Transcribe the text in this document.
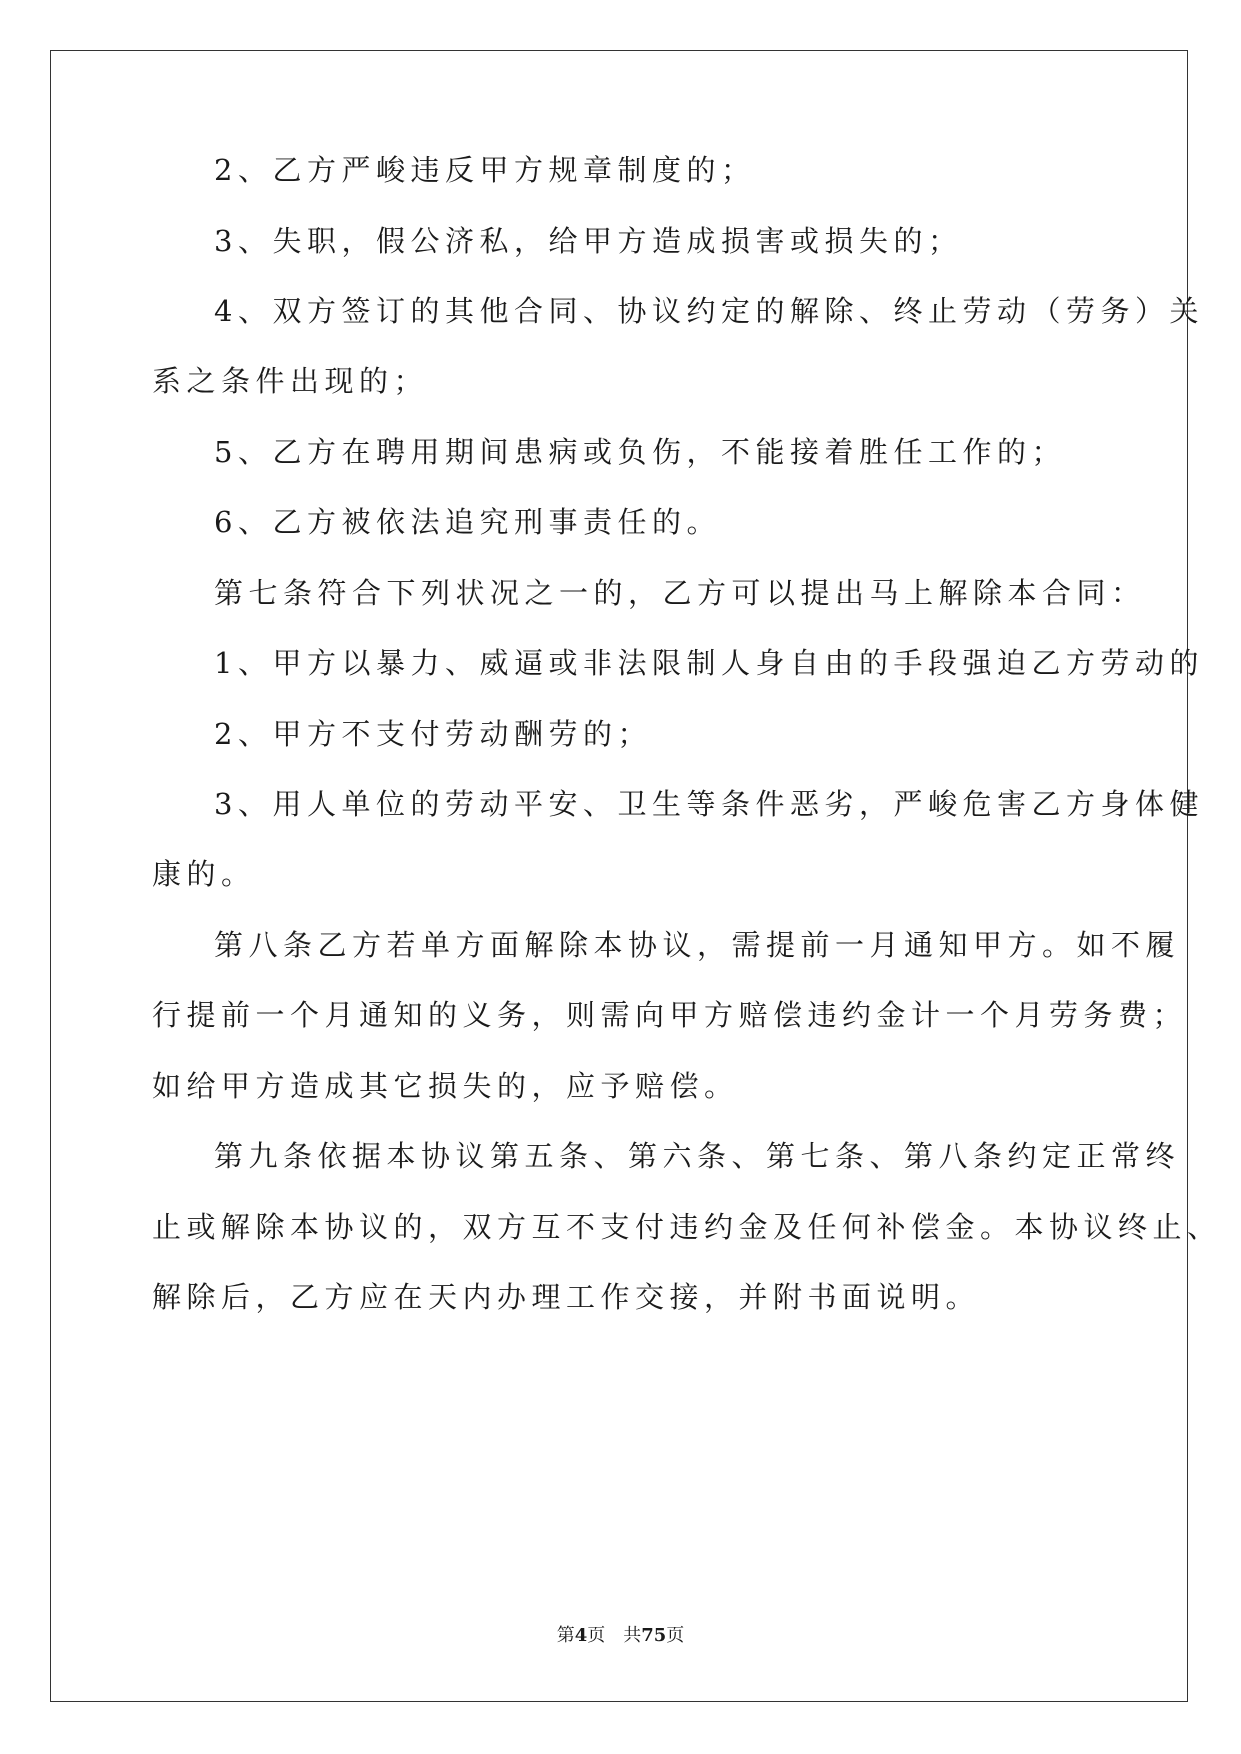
2、乙方严峻违反甲方规章制度的；
3、失职，假公济私，给甲方造成损害或损失的；
4、双方签订的其他合同、协议约定的解除、终止劳动（劳务）关
系之条件出现的；
5、乙方在聘用期间患病或负伤，不能接着胜任工作的；
6、乙方被依法追究刑事责任的。
第七条符合下列状况之一的，乙方可以提出马上解除本合同：
1、甲方以暴力、威逼或非法限制人身自由的手段强迫乙方劳动的
2、甲方不支付劳动酬劳的；
3、用人单位的劳动平安、卫生等条件恶劣，严峻危害乙方身体健
康的。
第八条乙方若单方面解除本协议，需提前一月通知甲方。如不履
行提前一个月通知的义务，则需向甲方赔偿违约金计一个月劳务费；
如给甲方造成其它损失的，应予赔偿。
第九条依据本协议第五条、第六条、第七条、第八条约定正常终
止或解除本协议的，双方互不支付违约金及任何补偿金。本协议终止、
解除后，乙方应在天内办理工作交接，并附书面说明。
第4页 共75页
